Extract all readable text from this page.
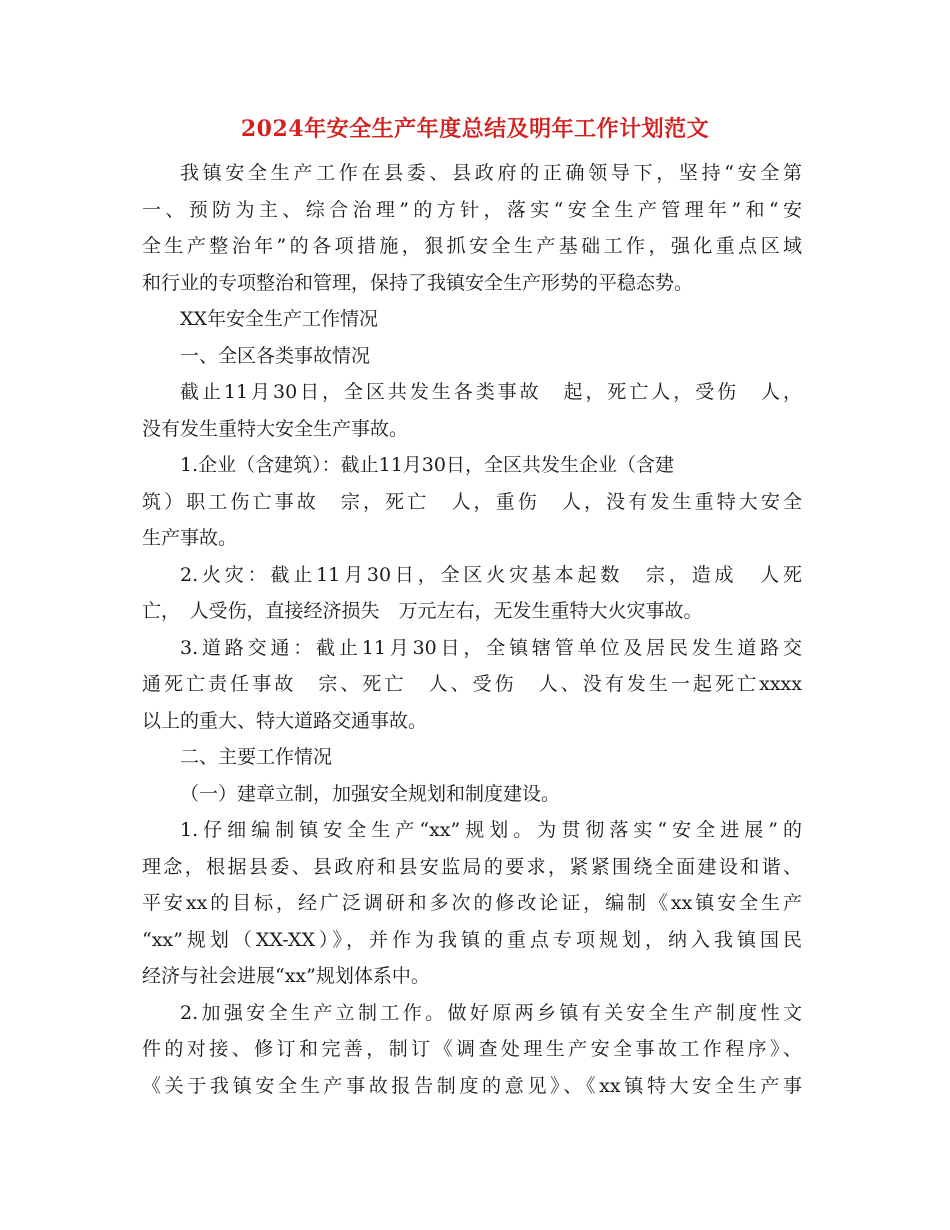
2024年安全生产年度总结及明年工作计划范文
我镇安全生产工作在县委、县政府的正确领导下，坚持“安全第
一、预防为主、综合治理”的方针，落实“安全生产管理年”和“安
全生产整治年”的各项措施，狠抓安全生产基础工作，强化重点区域
和行业的专项整治和管理，保持了我镇安全生产形势的平稳态势。
XX年安全生产工作情况
一、全区各类事故情况
截止11月30日，全区共发生各类事故　起，死亡人，受伤　人，
没有发生重特大安全生产事故。
1.企业（含建筑）：截止11月30日，全区共发生企业（含建
筑）职工伤亡事故　宗，死亡　人，重伤　人，没有发生重特大安全
生产事故。
2.火灾：截止11月30日，全区火灾基本起数　宗，造成　人死
亡，　人受伤，直接经济损失　万元左右，无发生重特大火灾事故。
3.道路交通：截止11月30日，全镇辖管单位及居民发生道路交
通死亡责任事故　宗、死亡　人、受伤　人、没有发生一起死亡xxxx
以上的重大、特大道路交通事故。
二、主要工作情况
（一）建章立制，加强安全规划和制度建设。
1.仔细编制镇安全生产“xx”规划。为贯彻落实“安全进展”的
理念，根据县委、县政府和县安监局的要求，紧紧围绕全面建设和谐、
平安xx的目标，经广泛调研和多次的修改论证，编制《xx镇安全生产
“xx”规划（XX-XX）》，并作为我镇的重点专项规划，纳入我镇国民
经济与社会进展“xx”规划体系中。
2.加强安全生产立制工作。做好原两乡镇有关安全生产制度性文
件的对接、修订和完善，制订《调查处理生产安全事故工作程序》、
《关于我镇安全生产事故报告制度的意见》、《xx镇特大安全生产事
